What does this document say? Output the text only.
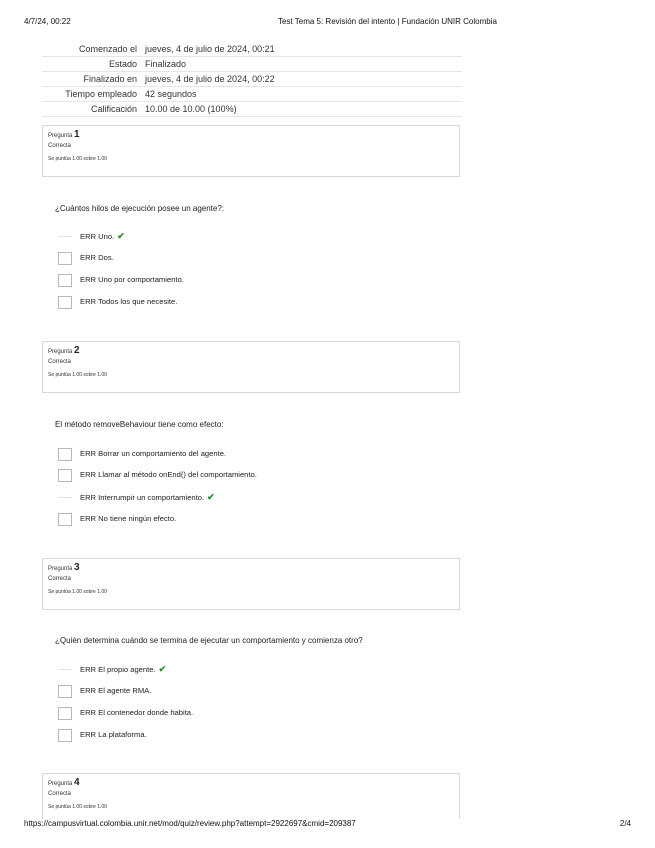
4/7/24, 00:22	Test Tema 5: Revisión del intento | Fundación UNIR Colombia
Comenzado el	jueves, 4 de julio de 2024, 00:21
Estado	Finalizado
Finalizado en	jueves, 4 de julio de 2024, 00:22
Tiempo empleado	42 segundos
Calificación	10.00 de 10.00 (100%)
Pregunta 1
Correcta
Se puntúa 1.00 sobre 1.00
¿Cuántos hilos de ejecución posee un agente?:
ERR Uno. ✔
ERR Dos.
ERR Uno por comportamiento.
ERR Todos los que necesite.
Pregunta 2
Correcta
Se puntúa 1.00 sobre 1.00
El método removeBehaviour tiene como efecto:
ERR Borrar un comportamiento del agente.
ERR Llamar al método onEnd() del comportamiento.
ERR Interrumpir un comportamiento. ✔
ERR No tiene ningún efecto.
Pregunta 3
Correcta
Se puntúa 1.00 sobre 1.00
¿Quién determina cuándo se termina de ejecutar un comportamiento y comienza otro?
ERR El propio agente. ✔
ERR El agente RMA.
ERR El contenedor donde habita.
ERR La plataforma.
Pregunta 4
Correcta
Se puntúa 1.00 sobre 1.00
https://campusvirtual.colombia.unir.net/mod/quiz/review.php?attempt=2922697&cmid=209387	2/4
